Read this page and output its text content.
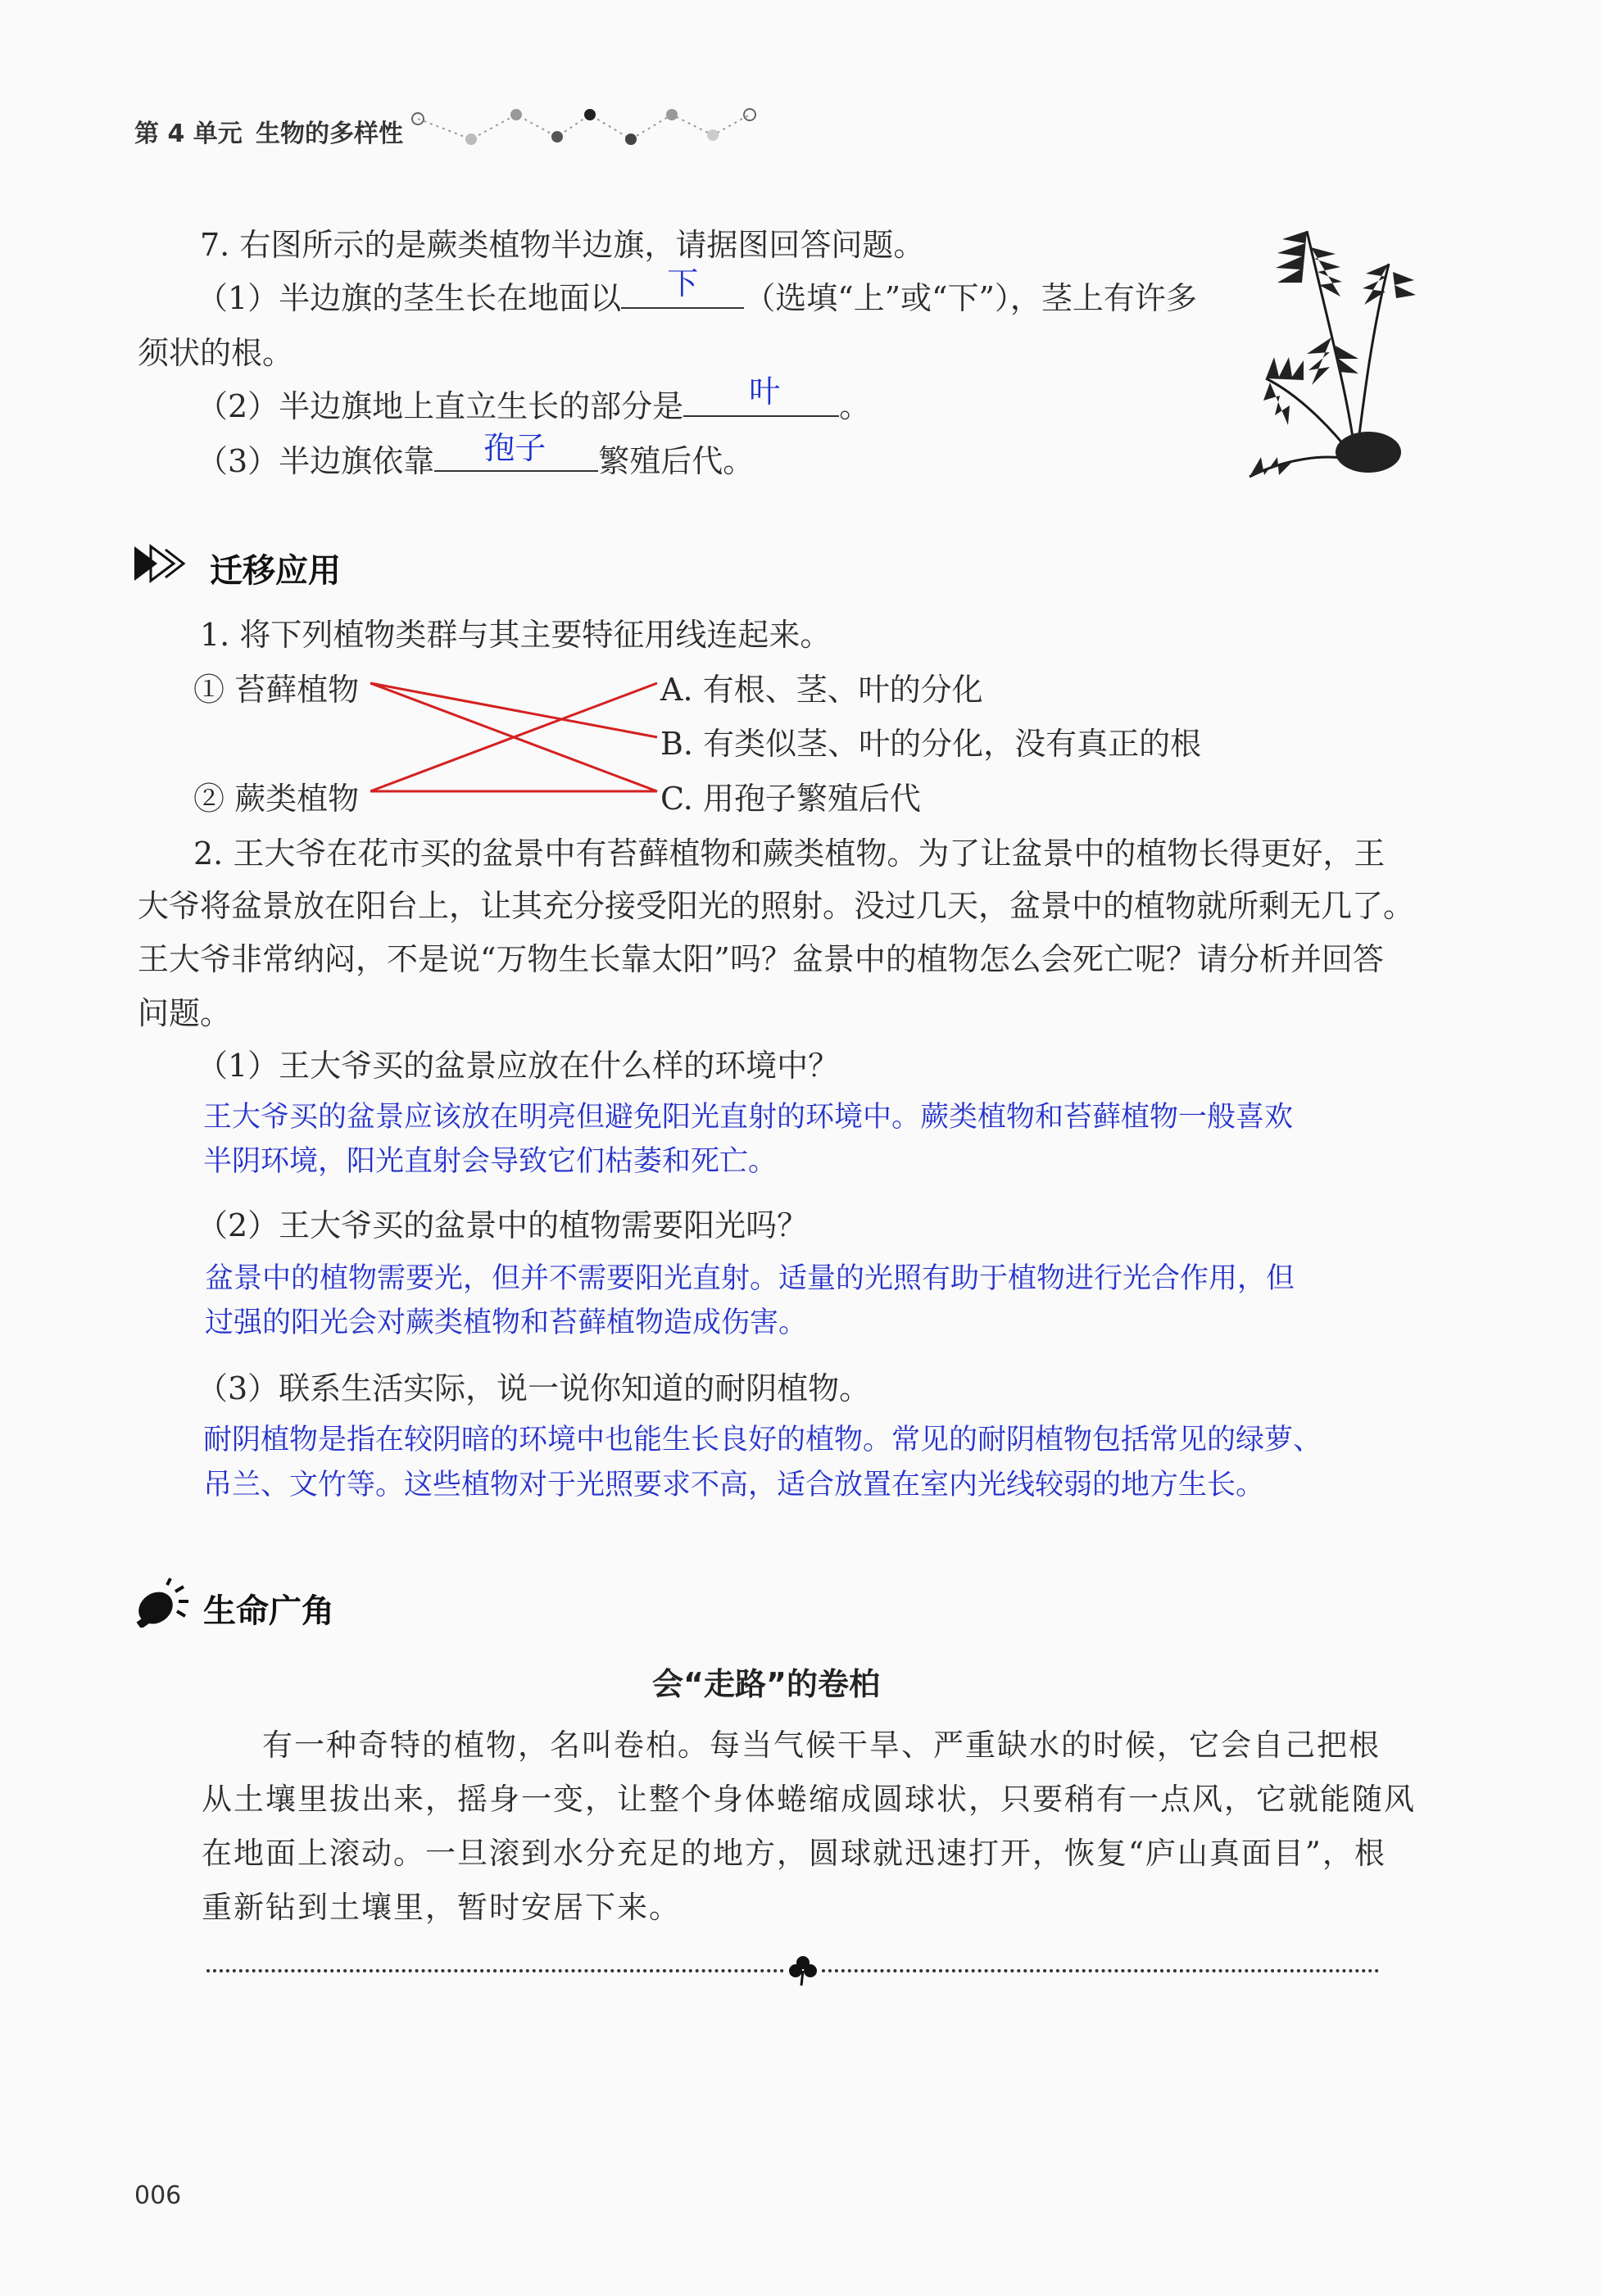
第 4 单元 生物的多样性
7. 右图所示的是蕨类植物半边旗，请据图回答问题。
（1）半边旗的茎生长在地面以 下 （选填“上”或“下”），茎上有许多
须状的根。
（2）半边旗地上直立生长的部分是 叶 。
（3）半边旗依靠 孢子 繁殖后代。
迁移应用
1. 将下列植物类群与其主要特征用线连起来。
① 苔藓植物
② 蕨类植物
A. 有根、茎、叶的分化
B. 有类似茎、叶的分化，没有真正的根
C. 用孢子繁殖后代
2. 王大爷在花市买的盆景中有苔藓植物和蕨类植物。为了让盆景中的植物长得更好，王
大爷将盆景放在阳台上，让其充分接受阳光的照射。没过几天，盆景中的植物就所剩无几了。
王大爷非常纳闷，不是说“万物生长靠太阳”吗？盆景中的植物怎么会死亡呢？请分析并回答
问题。
（1）王大爷买的盆景应放在什么样的环境中？
王大爷买的盆景应该放在明亮但避免阳光直射的环境中。蕨类植物和苔藓植物一般喜欢
半阴环境，阳光直射会导致它们枯萎和死亡。
（2）王大爷买的盆景中的植物需要阳光吗？
盆景中的植物需要光，但并不需要阳光直射。适量的光照有助于植物进行光合作用，但
过强的阳光会对蕨类植物和苔藓植物造成伤害。
（3）联系生活实际，说一说你知道的耐阴植物。
耐阴植物是指在较阴暗的环境中也能生长良好的植物。常见的耐阴植物包括常见的绿萝、
吊兰、文竹等。这些植物对于光照要求不高，适合放置在室内光线较弱的地方生长。
生命广角
会“走路”的卷柏
有一种奇特的植物，名叫卷柏。每当气候干旱、严重缺水的时候，它会自己把根
从土壤里拔出来，摇身一变，让整个身体蜷缩成圆球状，只要稍有一点风，它就能随风
在地面上滚动。一旦滚到水分充足的地方，圆球就迅速打开，恢复“庐山真面目”，根
重新钻到土壤里，暂时安居下来。
006
